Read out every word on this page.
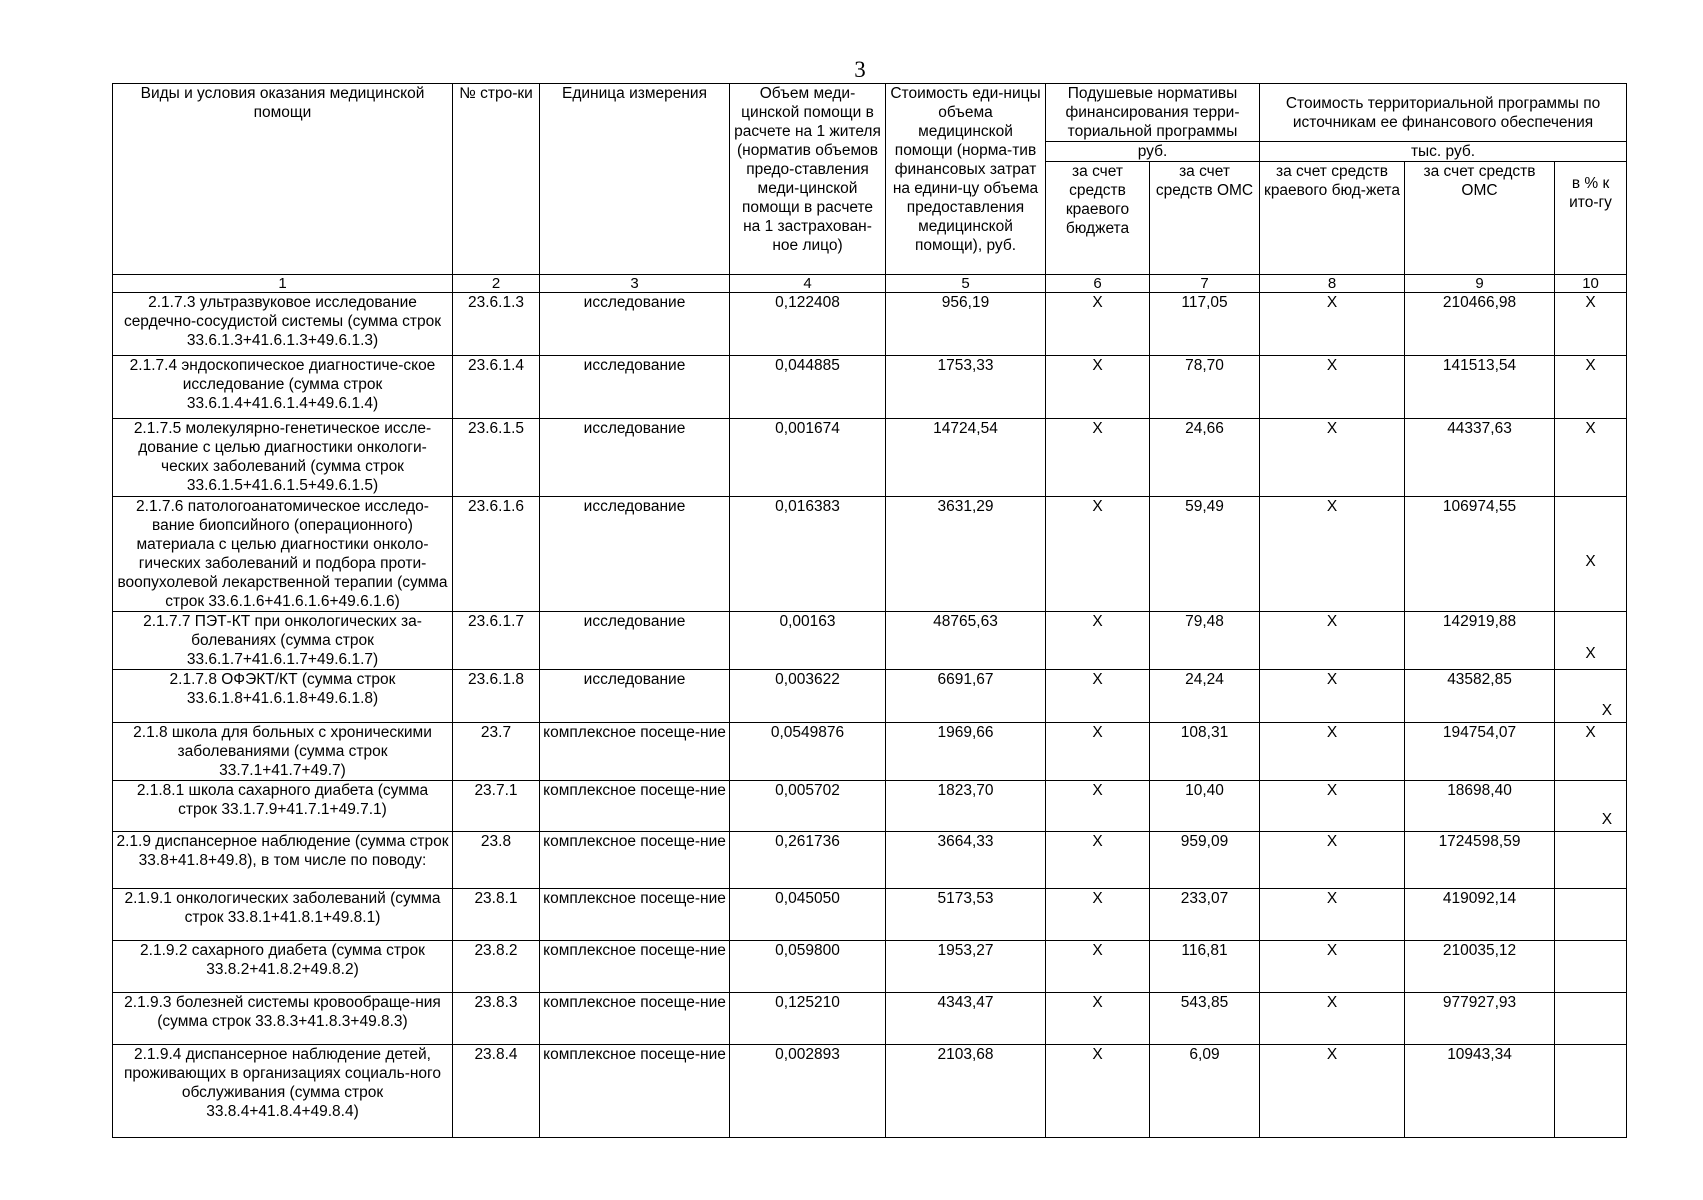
3
Виды и условия оказания медицинской помощи	№ стро-ки	Единица измерения	Объем меди-цинской помощи в расчете на 1 жителя (норматив объемов предо-ставления меди-цинской помощи в расчете на 1 застрахован-ное лицо)	Стоимость еди-ницы объема медицинской помощи (норма-тив финансовых затрат на едини-цу объема предоставления медицинской помощи), руб.	Подушевые нормативы финансирования терри-ториальной программы		Стоимость территориальной программы по источникам ее финансового обеспечения		
					руб.		тыс. руб.		
					за счет средств краевого бюджета	за счет средств ОМС	за счет средств краевого бюд-жета	за счет средств ОМС	в % к ито-гу
1	2	3	4	5	6	7	8	9	10
2.1.7.3 ультразвуковое исследование сердечно-сосудистой системы (сумма строк 33.6.1.3+41.6.1.3+49.6.1.3)	23.6.1.3	исследование	0,122408	956,19	Х	117,05	Х	210466,98	Х
2.1.7.4 эндоскопическое диагностиче-ское исследование (сумма строк 33.6.1.4+41.6.1.4+49.6.1.4)	23.6.1.4	исследование	0,044885	1753,33	Х	78,70	Х	141513,54	Х
2.1.7.5 молекулярно-генетическое иссле-дование с целью диагностики онкологи-ческих заболеваний (сумма строк 33.6.1.5+41.6.1.5+49.6.1.5)	23.6.1.5	исследование	0,001674	14724,54	Х	24,66	Х	44337,63	Х
2.1.7.6 патологоанатомическое исследо-вание биопсийного (операционного) материала с целью диагностики онколо-гических заболеваний и подбора проти-воопухолевой лекарственной терапии (сумма строк 33.6.1.6+41.6.1.6+49.6.1.6)	23.6.1.6	исследование	0,016383	3631,29	Х	59,49	Х	106974,55	Х
2.1.7.7 ПЭТ-КТ при онкологических за-болеваниях (сумма строк 33.6.1.7+41.6.1.7+49.6.1.7)	23.6.1.7	исследование	0,00163	48765,63	Х	79,48	Х	142919,88	Х
2.1.7.8 ОФЭКТ/КТ (сумма строк 33.6.1.8+41.6.1.8+49.6.1.8)	23.6.1.8	исследование	0,003622	6691,67	Х	24,24	Х	43582,85	Х
2.1.8 школа для больных с хроническими заболеваниями (сумма строк 33.7.1+41.7+49.7)	23.7	комплексное посеще-ние	0,0549876	1969,66	Х	108,31	Х	194754,07	Х
2.1.8.1 школа сахарного диабета (сумма строк 33.1.7.9+41.7.1+49.7.1)	23.7.1	комплексное посеще-ние	0,005702	1823,70	Х	10,40	Х	18698,40	Х
2.1.9 диспансерное наблюдение (сумма строк 33.8+41.8+49.8), в том числе по поводу:	23.8	комплексное посеще-ние	0,261736	3664,33	Х	959,09	Х	1724598,59	
2.1.9.1 онкологических заболеваний (сумма строк 33.8.1+41.8.1+49.8.1)	23.8.1	комплексное посеще-ние	0,045050	5173,53	Х	233,07	Х	419092,14	
2.1.9.2 сахарного диабета (сумма строк 33.8.2+41.8.2+49.8.2)	23.8.2	комплексное посеще-ние	0,059800	1953,27	Х	116,81	Х	210035,12	
2.1.9.3 болезней системы кровообраще-ния (сумма строк 33.8.3+41.8.3+49.8.3)	23.8.3	комплексное посеще-ние	0,125210	4343,47	Х	543,85	Х	977927,93	
2.1.9.4 диспансерное наблюдение детей, проживающих в организациях социаль-ного обслуживания (сумма строк 33.8.4+41.8.4+49.8.4)	23.8.4	комплексное посеще-ние	0,002893	2103,68	Х	6,09	Х	10943,34	
